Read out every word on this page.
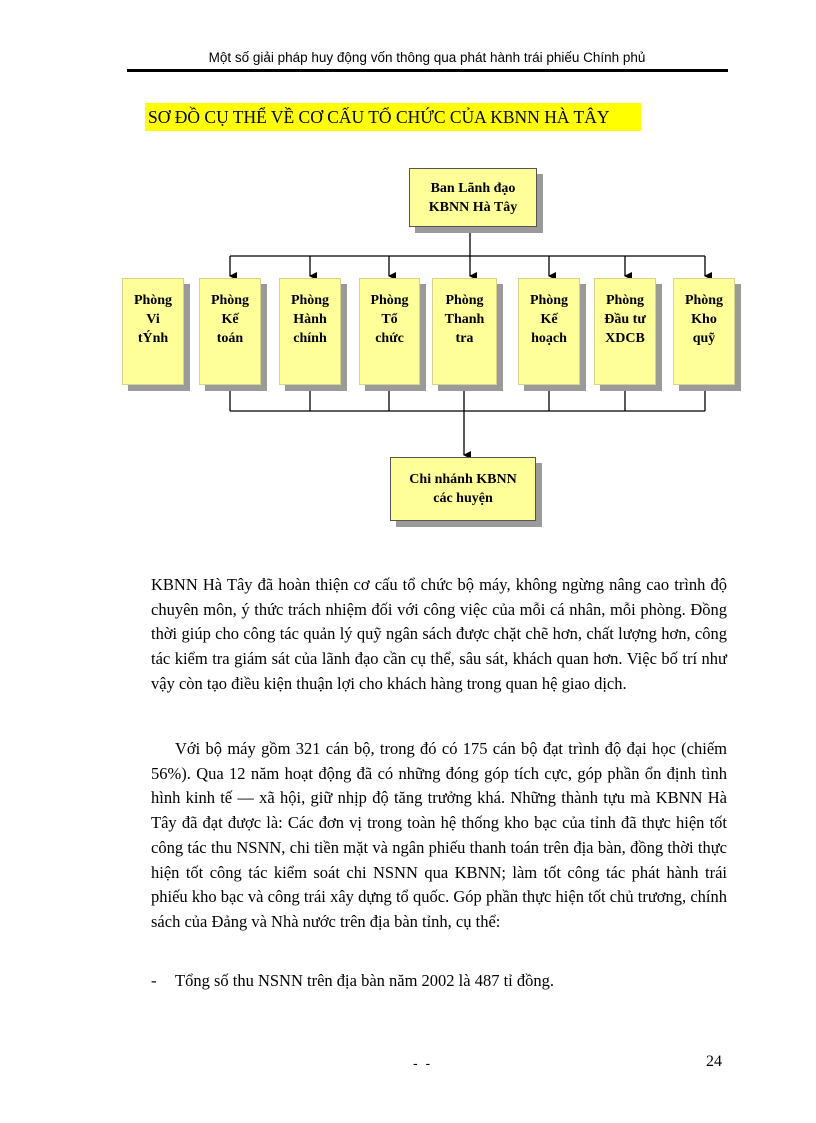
Một số giải pháp huy động vốn thông qua phát hành trái phiếu Chính phủ
SƠ ĐỒ CỤ THỂ VỀ CƠ CẤU TỔ CHỨC CỦA KBNN HÀ TÂY
Ban Lãnh đạo
KBNN Hà Tây
Phòng
Vi
tÝnh
Phòng
Kế
toán
Phòng
Hành
chính
Phòng
Tổ
chức
Phòng
Thanh
tra
Phòng
Kế
hoạch
Phòng
Đầu tư
XDCB
Phòng
Kho
quỹ
Chi nhánh KBNN
các huyện

KBNN Hà Tây đã hoàn thiện cơ cấu tổ chức bộ máy, không ngừng nâng cao trình độ chuyên môn, ý thức trách nhiệm đối với công việc của mỗi cá nhân, mỗi phòng. Đồng thời giúp cho công tác quản lý quỹ ngân sách được chặt chẽ hơn, chất lượng hơn, công tác kiểm tra giám sát của lãnh đạo cần cụ thể, sâu sát, khách quan hơn. Việc bố trí như vậy còn tạo điều kiện thuận lợi cho khách hàng trong quan hệ giao dịch.

Với bộ máy gồm 321 cán bộ, trong đó có 175 cán bộ đạt trình độ đại học (chiếm 56%). Qua 12 năm hoạt động đã có những đóng góp tích cực, góp phần ổn định tình hình kinh tế — xã hội, giữ nhịp độ tăng trưởng khá. Những thành tựu mà KBNN Hà Tây đã đạt được là: Các đơn vị trong toàn hệ thống kho bạc của tỉnh đã thực hiện tốt công tác thu NSNN, chi tiền mặt và ngân phiếu thanh toán trên địa bàn, đồng thời thực hiện tốt công tác kiểm soát chi NSNN qua KBNN; làm tốt công tác phát hành trái phiếu kho bạc và công trái xây dựng tổ quốc. Góp phần thực hiện tốt chủ trương, chính sách của Đảng và Nhà nước trên địa bàn tỉnh, cụ thể:

- Tổng số thu NSNN trên địa bàn năm 2002 là 487 tỉ đồng.
- -	24
